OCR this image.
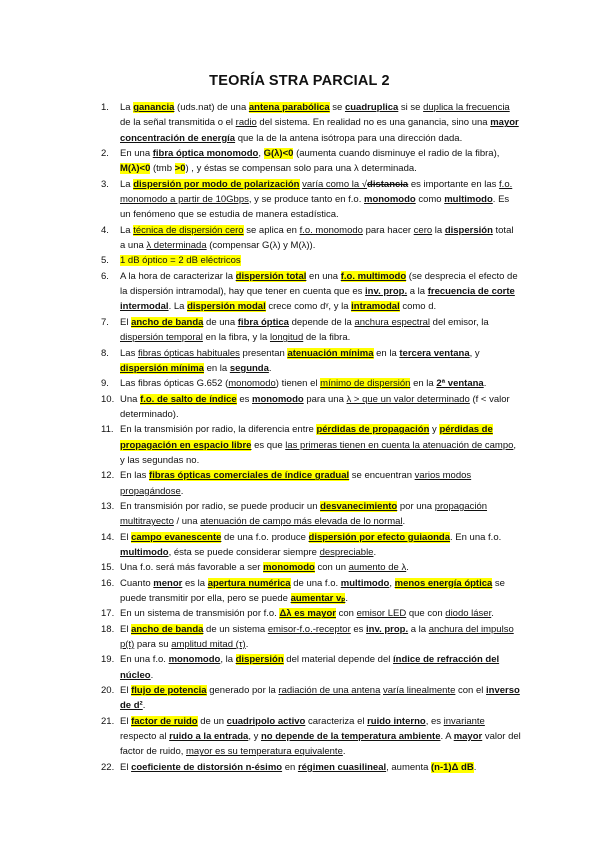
TEORÍA STRA PARCIAL 2
1. La ganancia (uds.nat) de una antena parabólica se cuadruplica si se duplica la frecuencia de la señal transmitida o el radio del sistema. En realidad no es una ganancia, sino una mayor concentración de energía que la de la antena isótropa para una dirección dada.
2. En una fibra óptica monomodo, G(λ)<0 (aumenta cuando disminuye el radio de la fibra), M(λ)<0 (tmb >0) , y éstas se compensan solo para una λ determinada.
3. La dispersión por modo de polarización varía como la √distancia es importante en las f.o. monomodo a partir de 10Gbps, y se produce tanto en f.o. monomodo como multimodo. Es un fenómeno que se estudia de manera estadística.
4. La técnica de dispersión cero se aplica en f.o. monomodo para hacer cero la dispersión total a una λ determinada (compensar G(λ) y M(λ)).
5. 1 dB óptico = 2 dB eléctricos
6. A la hora de caracterizar la dispersión total en una f.o. multimodo (se desprecia el efecto de la dispersión intramodal), hay que tener en cuenta que es inv. prop. a la frecuencia de corte intermodal. La dispersión modal crece como dᵞ, y la intramodal como d.
7. El ancho de banda de una fibra óptica depende de la anchura espectral del emisor, la dispersión temporal en la fibra, y la longitud de la fibra.
8. Las fibras ópticas habituales presentan atenuación mínima en la tercera ventana, y dispersión mínima en la segunda.
9. Las fibras ópticas G.652 (monomodo) tienen el mínimo de dispersión en la 2ª ventana.
10. Una f.o. de salto de índice es monomodo para una λ > que un valor determinado (f < valor determinado).
11. En la transmisión por radio, la diferencia entre pérdidas de propagación y pérdidas de propagación en espacio libre es que las primeras tienen en cuenta la atenuación de campo, y las segundas no.
12. En las fibras ópticas comerciales de índice gradual se encuentran varios modos propagándose.
13. En transmisión por radio, se puede producir un desvanecimiento por una propagación multitrayecto / una atenuación de campo más elevada de lo normal.
14. El campo evanescente de una f.o. produce dispersión por efecto guiaonda. En una f.o. multimodo, ésta se puede considerar siempre despreciable.
15. Una f.o. será más favorable a ser monomodo con un aumento de λ.
16. Cuanto menor es la apertura numérica de una f.o. multimodo, menos energía óptica se puede transmitir por ella, pero se puede aumentar vₚ.
17. En un sistema de transmisión por f.o. Δλ es mayor con emisor LED que con diodo láser.
18. El ancho de banda de un sistema emisor-f.o.-receptor es inv. prop. a la anchura del impulso p(t) para su amplitud mitad (τ).
19. En una f.o. monomodo, la dispersión del material depende del índice de refracción del núcleo.
20. El flujo de potencia generado por la radiación de una antena varía linealmente con el inverso de d².
21. El factor de ruido de un cuadripolo activo caracteriza el ruido interno, es invariante respecto al ruido a la entrada, y no depende de la temperatura ambiente. A mayor valor del factor de ruido, mayor es su temperatura equivalente.
22. El coeficiente de distorsión n-ésimo en régimen cuasilineal, aumenta (n-1)Δ dB.
